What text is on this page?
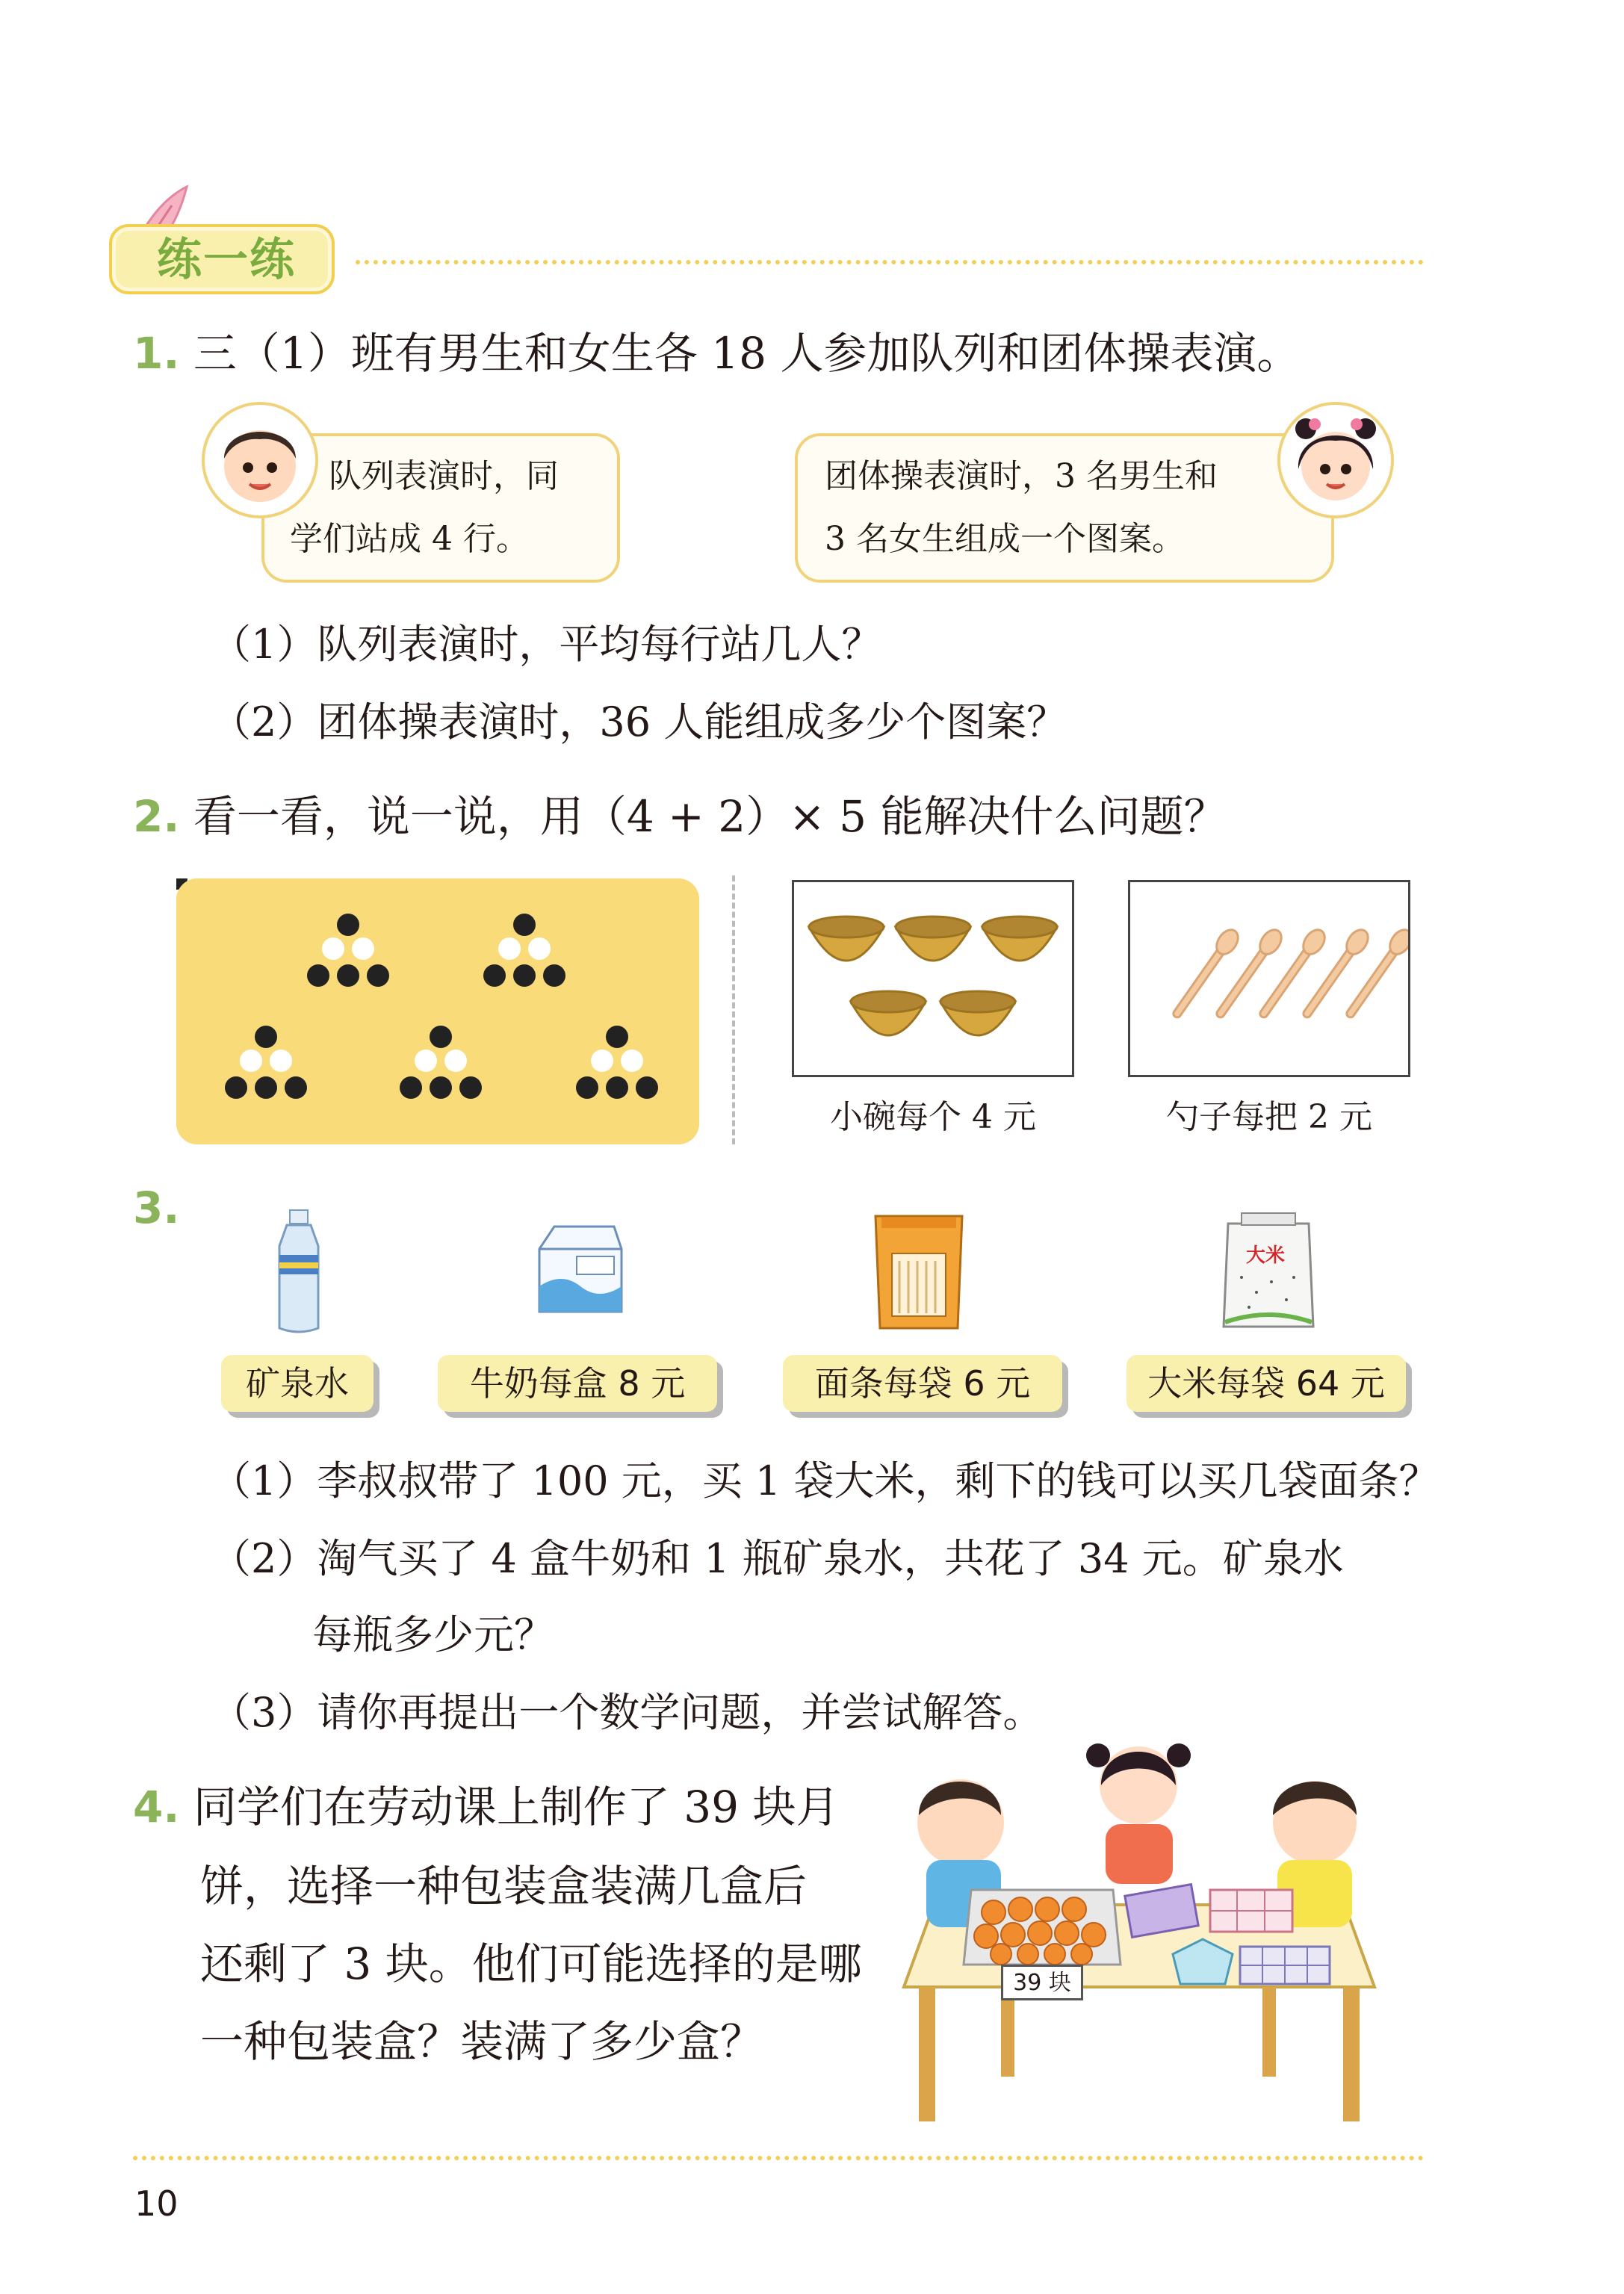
练一练
1. 三（1）班有男生和女生各 18 人参加队列和团体操表演。
队列表演时，同
学们站成 4 行。
团体操表演时，3 名男生和
3 名女生组成一个图案。
（1）队列表演时，平均每行站几人？
（2）团体操表演时，36 人能组成多少个图案？
2. 看一看，说一说，用（4 + 2）× 5 能解决什么问题？
小碗每个 4 元	勺子每把 2 元
3.
大米
矿泉水	牛奶每盒 8 元	面条每袋 6 元	大米每袋 64 元
（1）李叔叔带了 100 元，买 1 袋大米，剩下的钱可以买几袋面条？
（2）淘气买了 4 盒牛奶和 1 瓶矿泉水，共花了 34 元。矿泉水
每瓶多少元？
（3）请你再提出一个数学问题，并尝试解答。
4. 同学们在劳动课上制作了 39 块月
饼，选择一种包装盒装满几盒后
还剩了 3 块。他们可能选择的是哪
一种包装盒？装满了多少盒？
39 块
10
